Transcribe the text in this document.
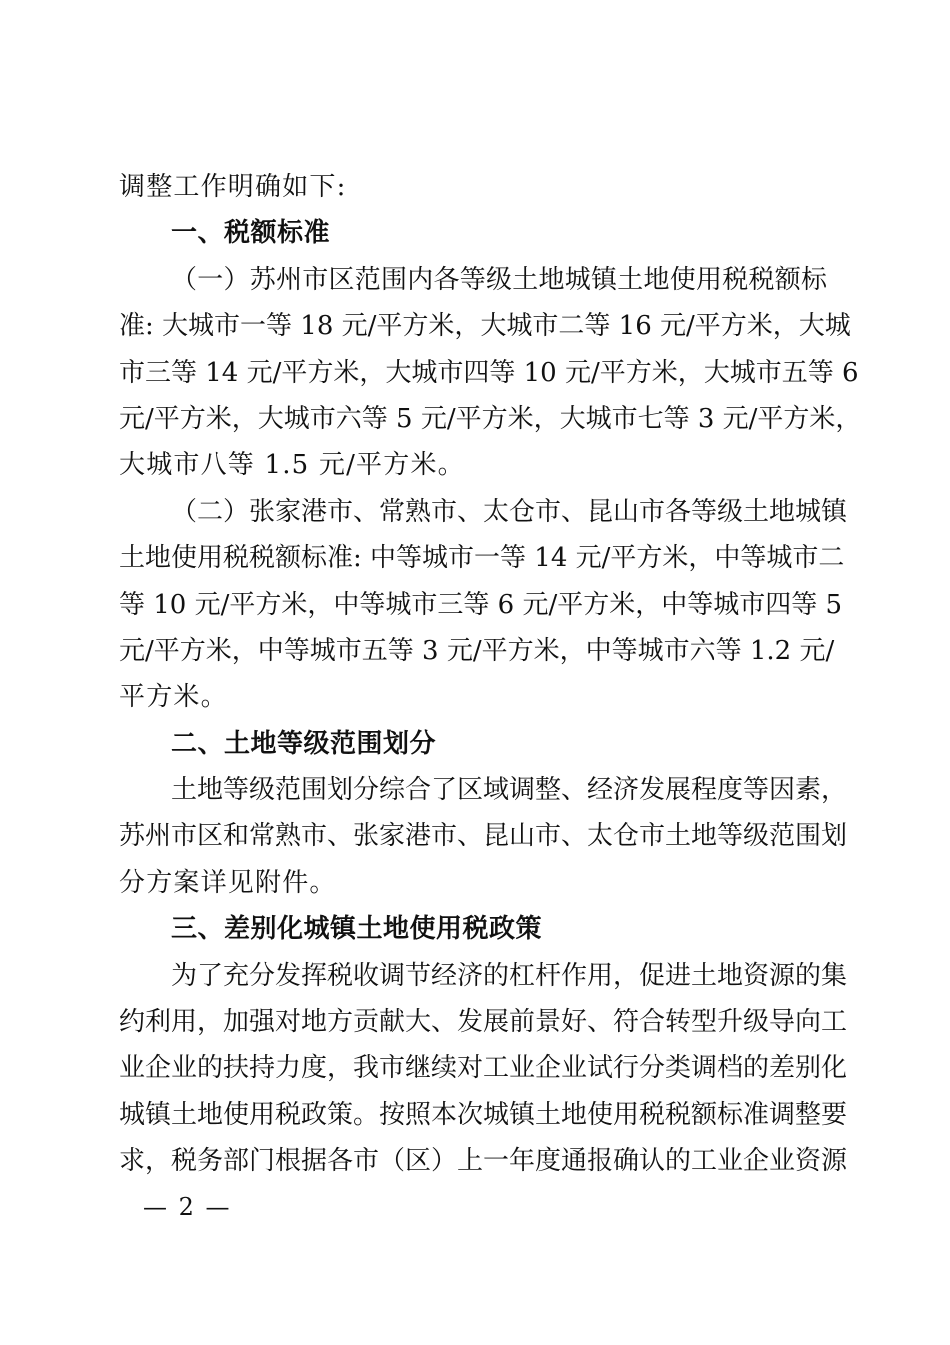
调整工作明确如下:
一、税额标准
（一）苏州市区范围内各等级土地城镇土地使用税税额标
准: 大城市一等 18 元/平方米，大城市二等 16 元/平方米，大城
市三等 14 元/平方米，大城市四等 10 元/平方米，大城市五等 6
元/平方米，大城市六等 5 元/平方米，大城市七等 3 元/平方米，
大城市八等 1.5 元/平方米。
（二）张家港市、常熟市、太仓市、昆山市各等级土地城镇
土地使用税税额标准: 中等城市一等 14 元/平方米，中等城市二
等 10 元/平方米，中等城市三等 6 元/平方米，中等城市四等 5
元/平方米，中等城市五等 3 元/平方米，中等城市六等 1.2 元/
平方米。
二、土地等级范围划分
土地等级范围划分综合了区域调整、经济发展程度等因素，
苏州市区和常熟市、张家港市、昆山市、太仓市土地等级范围划
分方案详见附件。
三、差别化城镇土地使用税政策
为了充分发挥税收调节经济的杠杆作用，促进土地资源的集
约利用，加强对地方贡献大、发展前景好、符合转型升级导向工
业企业的扶持力度，我市继续对工业企业试行分类调档的差别化
城镇土地使用税政策。按照本次城镇土地使用税税额标准调整要
求，税务部门根据各市（区）上一年度通报确认的工业企业资源
— 2 —
